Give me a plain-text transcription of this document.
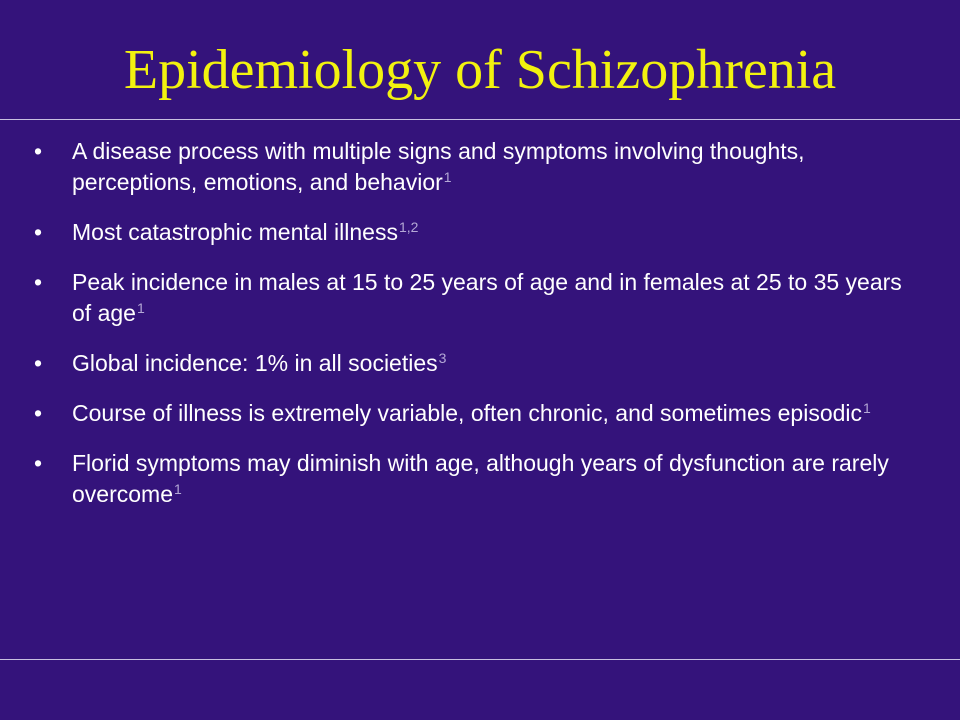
Epidemiology of Schizophrenia
• A disease process with multiple signs and symptoms involving thoughts, perceptions, emotions, and behavior$^1$
• Most catastrophic mental illness$^{1,2}$
• Peak incidence in males at 15 to 25 years of age and in females at 25 to 35 years of age$^1$
• Global incidence: 1% in all societies$^3$
• Course of illness is extremely variable, often chronic, and sometimes episodic$^1$
• Florid symptoms may diminish with age, although years of dysfunction are rarely overcome$^1$
